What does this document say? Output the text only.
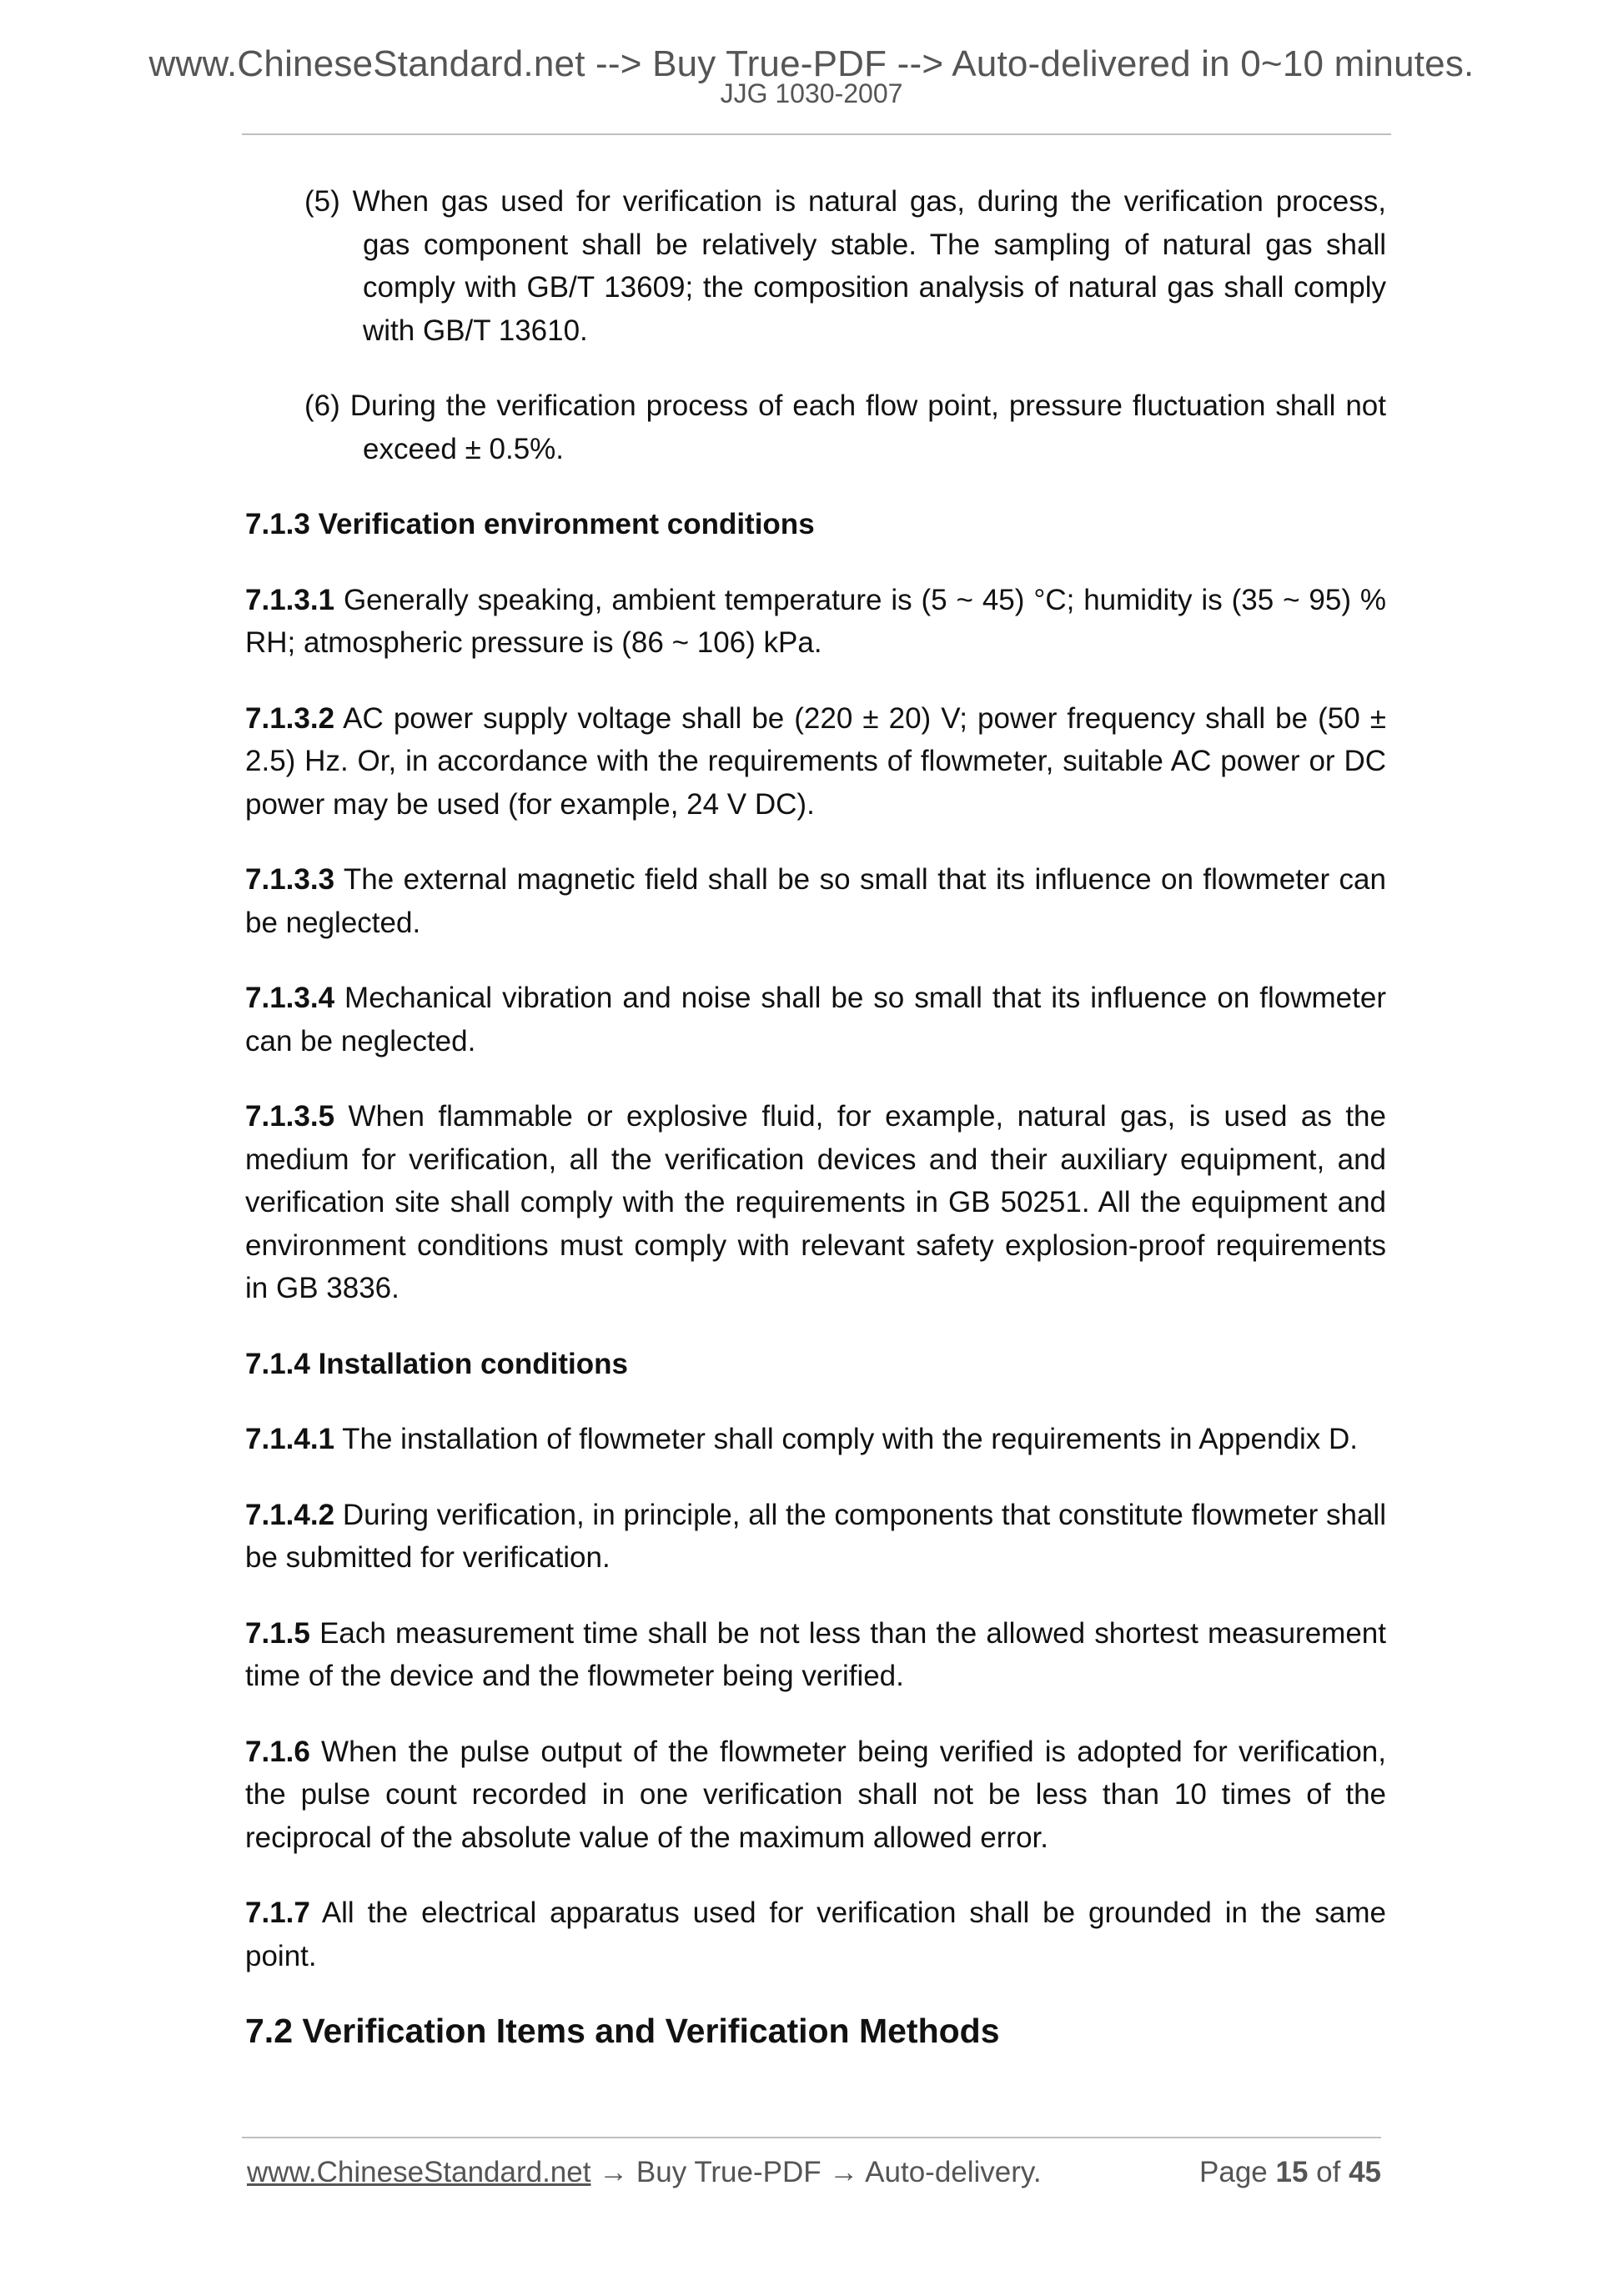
www.ChineseStandard.net --> Buy True-PDF --> Auto-delivered in 0~10 minutes.
JJG 1030-2007
(5) When gas used for verification is natural gas, during the verification process, gas component shall be relatively stable. The sampling of natural gas shall comply with GB/T 13609; the composition analysis of natural gas shall comply with GB/T 13610.
(6) During the verification process of each flow point, pressure fluctuation shall not exceed ± 0.5%.
7.1.3 Verification environment conditions
7.1.3.1 Generally speaking, ambient temperature is (5 ~ 45) °C; humidity is (35 ~ 95) % RH; atmospheric pressure is (86 ~ 106) kPa.
7.1.3.2 AC power supply voltage shall be (220 ± 20) V; power frequency shall be (50 ± 2.5) Hz. Or, in accordance with the requirements of flowmeter, suitable AC power or DC power may be used (for example, 24 V DC).
7.1.3.3 The external magnetic field shall be so small that its influence on flowmeter can be neglected.
7.1.3.4 Mechanical vibration and noise shall be so small that its influence on flowmeter can be neglected.
7.1.3.5 When flammable or explosive fluid, for example, natural gas, is used as the medium for verification, all the verification devices and their auxiliary equipment, and verification site shall comply with the requirements in GB 50251. All the equipment and environment conditions must comply with relevant safety explosion-proof requirements in GB 3836.
7.1.4 Installation conditions
7.1.4.1 The installation of flowmeter shall comply with the requirements in Appendix D.
7.1.4.2 During verification, in principle, all the components that constitute flowmeter shall be submitted for verification.
7.1.5 Each measurement time shall be not less than the allowed shortest measurement time of the device and the flowmeter being verified.
7.1.6 When the pulse output of the flowmeter being verified is adopted for verification, the pulse count recorded in one verification shall not be less than 10 times of the reciprocal of the absolute value of the maximum allowed error.
7.1.7 All the electrical apparatus used for verification shall be grounded in the same point.
7.2 Verification Items and Verification Methods
www.ChineseStandard.net → Buy True-PDF → Auto-delivery.	Page 15 of 45
